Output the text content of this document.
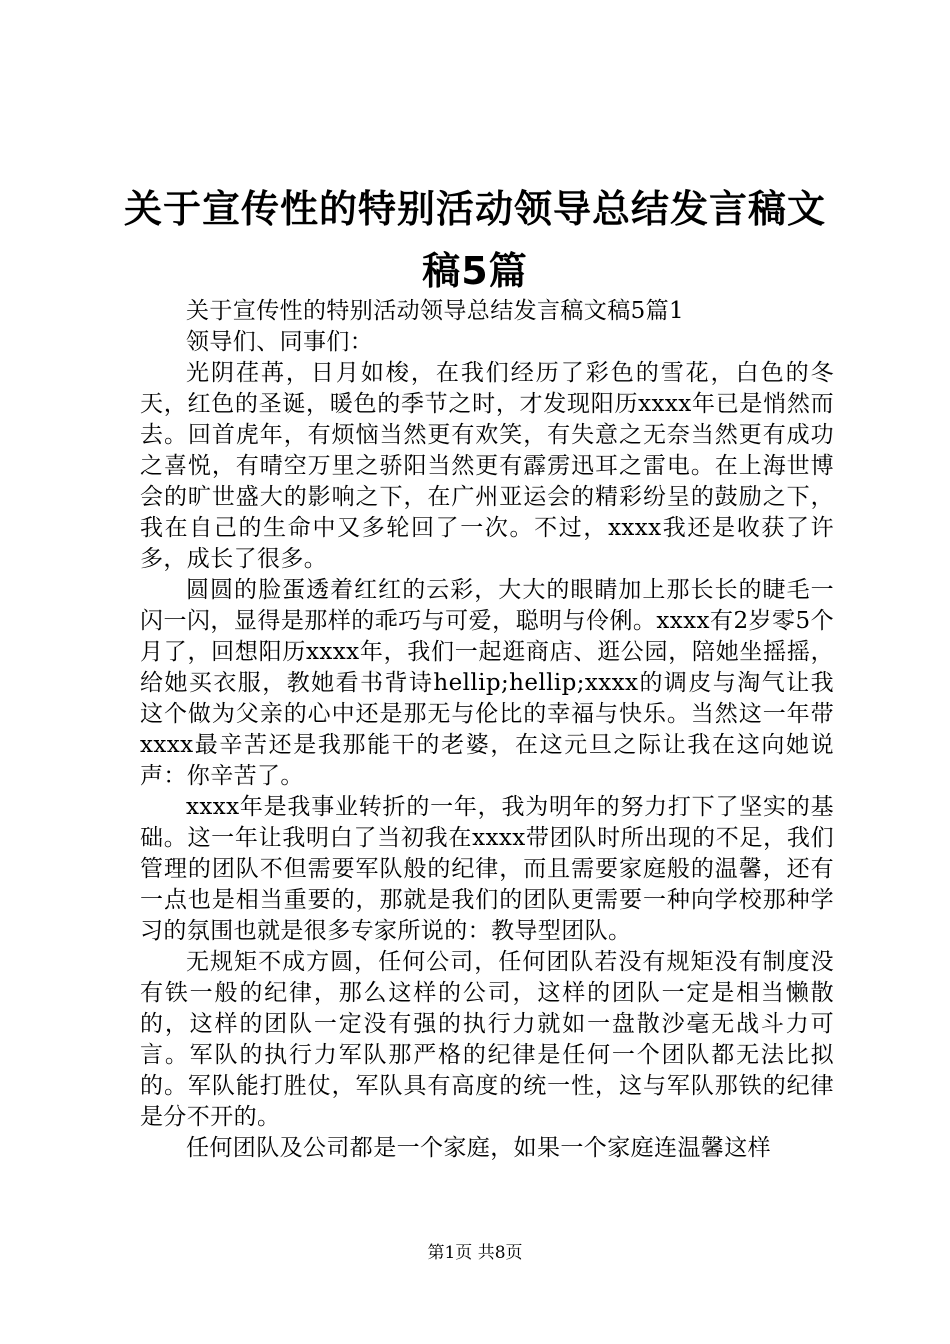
关于宣传性的特别活动领导总结发言稿文稿5篇

关于宣传性的特别活动领导总结发言稿文稿5篇1

领导们、同事们：

光阴荏苒，日月如梭，在我们经历了彩色的雪花，白色的冬天，红色的圣诞，暖色的季节之时，才发现阳历xxxx年已是悄然而去。回首虎年，有烦恼当然更有欢笑，有失意之无奈当然更有成功之喜悦，有晴空万里之骄阳当然更有霹雳迅耳之雷电。在上海世博会的旷世盛大的影响之下，在广州亚运会的精彩纷呈的鼓励之下，我在自己的生命中又多轮回了一次。不过，xxxx我还是收获了许多，成长了很多。

圆圆的脸蛋透着红红的云彩，大大的眼睛加上那长长的睫毛一闪一闪，显得是那样的乖巧与可爱，聪明与伶俐。xxxx有2岁零5个月了，回想阳历xxxx年，我们一起逛商店、逛公园，陪她坐摇摇，给她买衣服，教她看书背诗hellip;hellip;xxxx的调皮与淘气让我这个做为父亲的心中还是那无与伦比的幸福与快乐。当然这一年带xxxx最辛苦还是我那能干的老婆，在这元旦之际让我在这向她说声：你辛苦了。

xxxx年是我事业转折的一年，我为明年的努力打下了坚实的基础。这一年让我明白了当初我在xxxx带团队时所出现的不足，我们管理的团队不但需要军队般的纪律，而且需要家庭般的温馨，还有一点也是相当重要的，那就是我们的团队更需要一种向学校那种学习的氛围也就是很多专家所说的：教导型团队。

无规矩不成方圆，任何公司，任何团队若没有规矩没有制度没有铁一般的纪律，那么这样的公司，这样的团队一定是相当懒散的，这样的团队一定没有强的执行力就如一盘散沙毫无战斗力可言。军队的执行力军队那严格的纪律是任何一个团队都无法比拟的。军队能打胜仗，军队具有高度的统一性，这与军队那铁的纪律是分不开的。

任何团队及公司都是一个家庭，如果一个家庭连温馨这样

第1页 共8页
